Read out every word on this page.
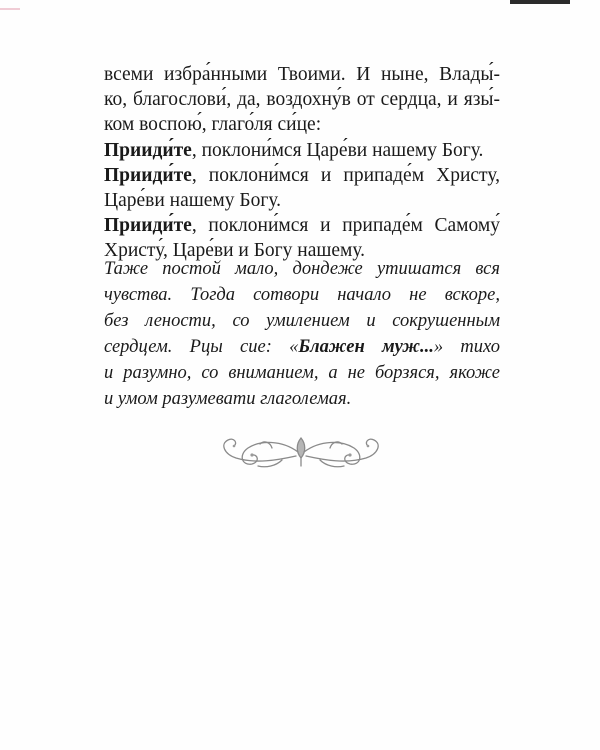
всеми избра́нными Твоими. И ныне, Влады́-
ко, благослови́, да, воздохну́в от сердца, и язы́-
ком воспою́, глаго́ля си́це:
Прииди́те, поклони́мся Царе́ви нашему Богу.
Прииди́те, поклони́мся и припаде́м Христу,
Царе́ви нашему Богу.
Прииди́те, поклони́мся и припаде́м Самому́
Христу́, Царе́ви и Богу нашему.
Таже постой мало, дондеже утишатся вся
чувства. Тогда сотвори начало не вскоре,
без лености, со умилением и сокрушенным
сердцем. Рцы сие: «Блажен муж...» тихо
и разумно, со вниманием, а не борзяся, якоже
и умом разумевати глаголемая.
